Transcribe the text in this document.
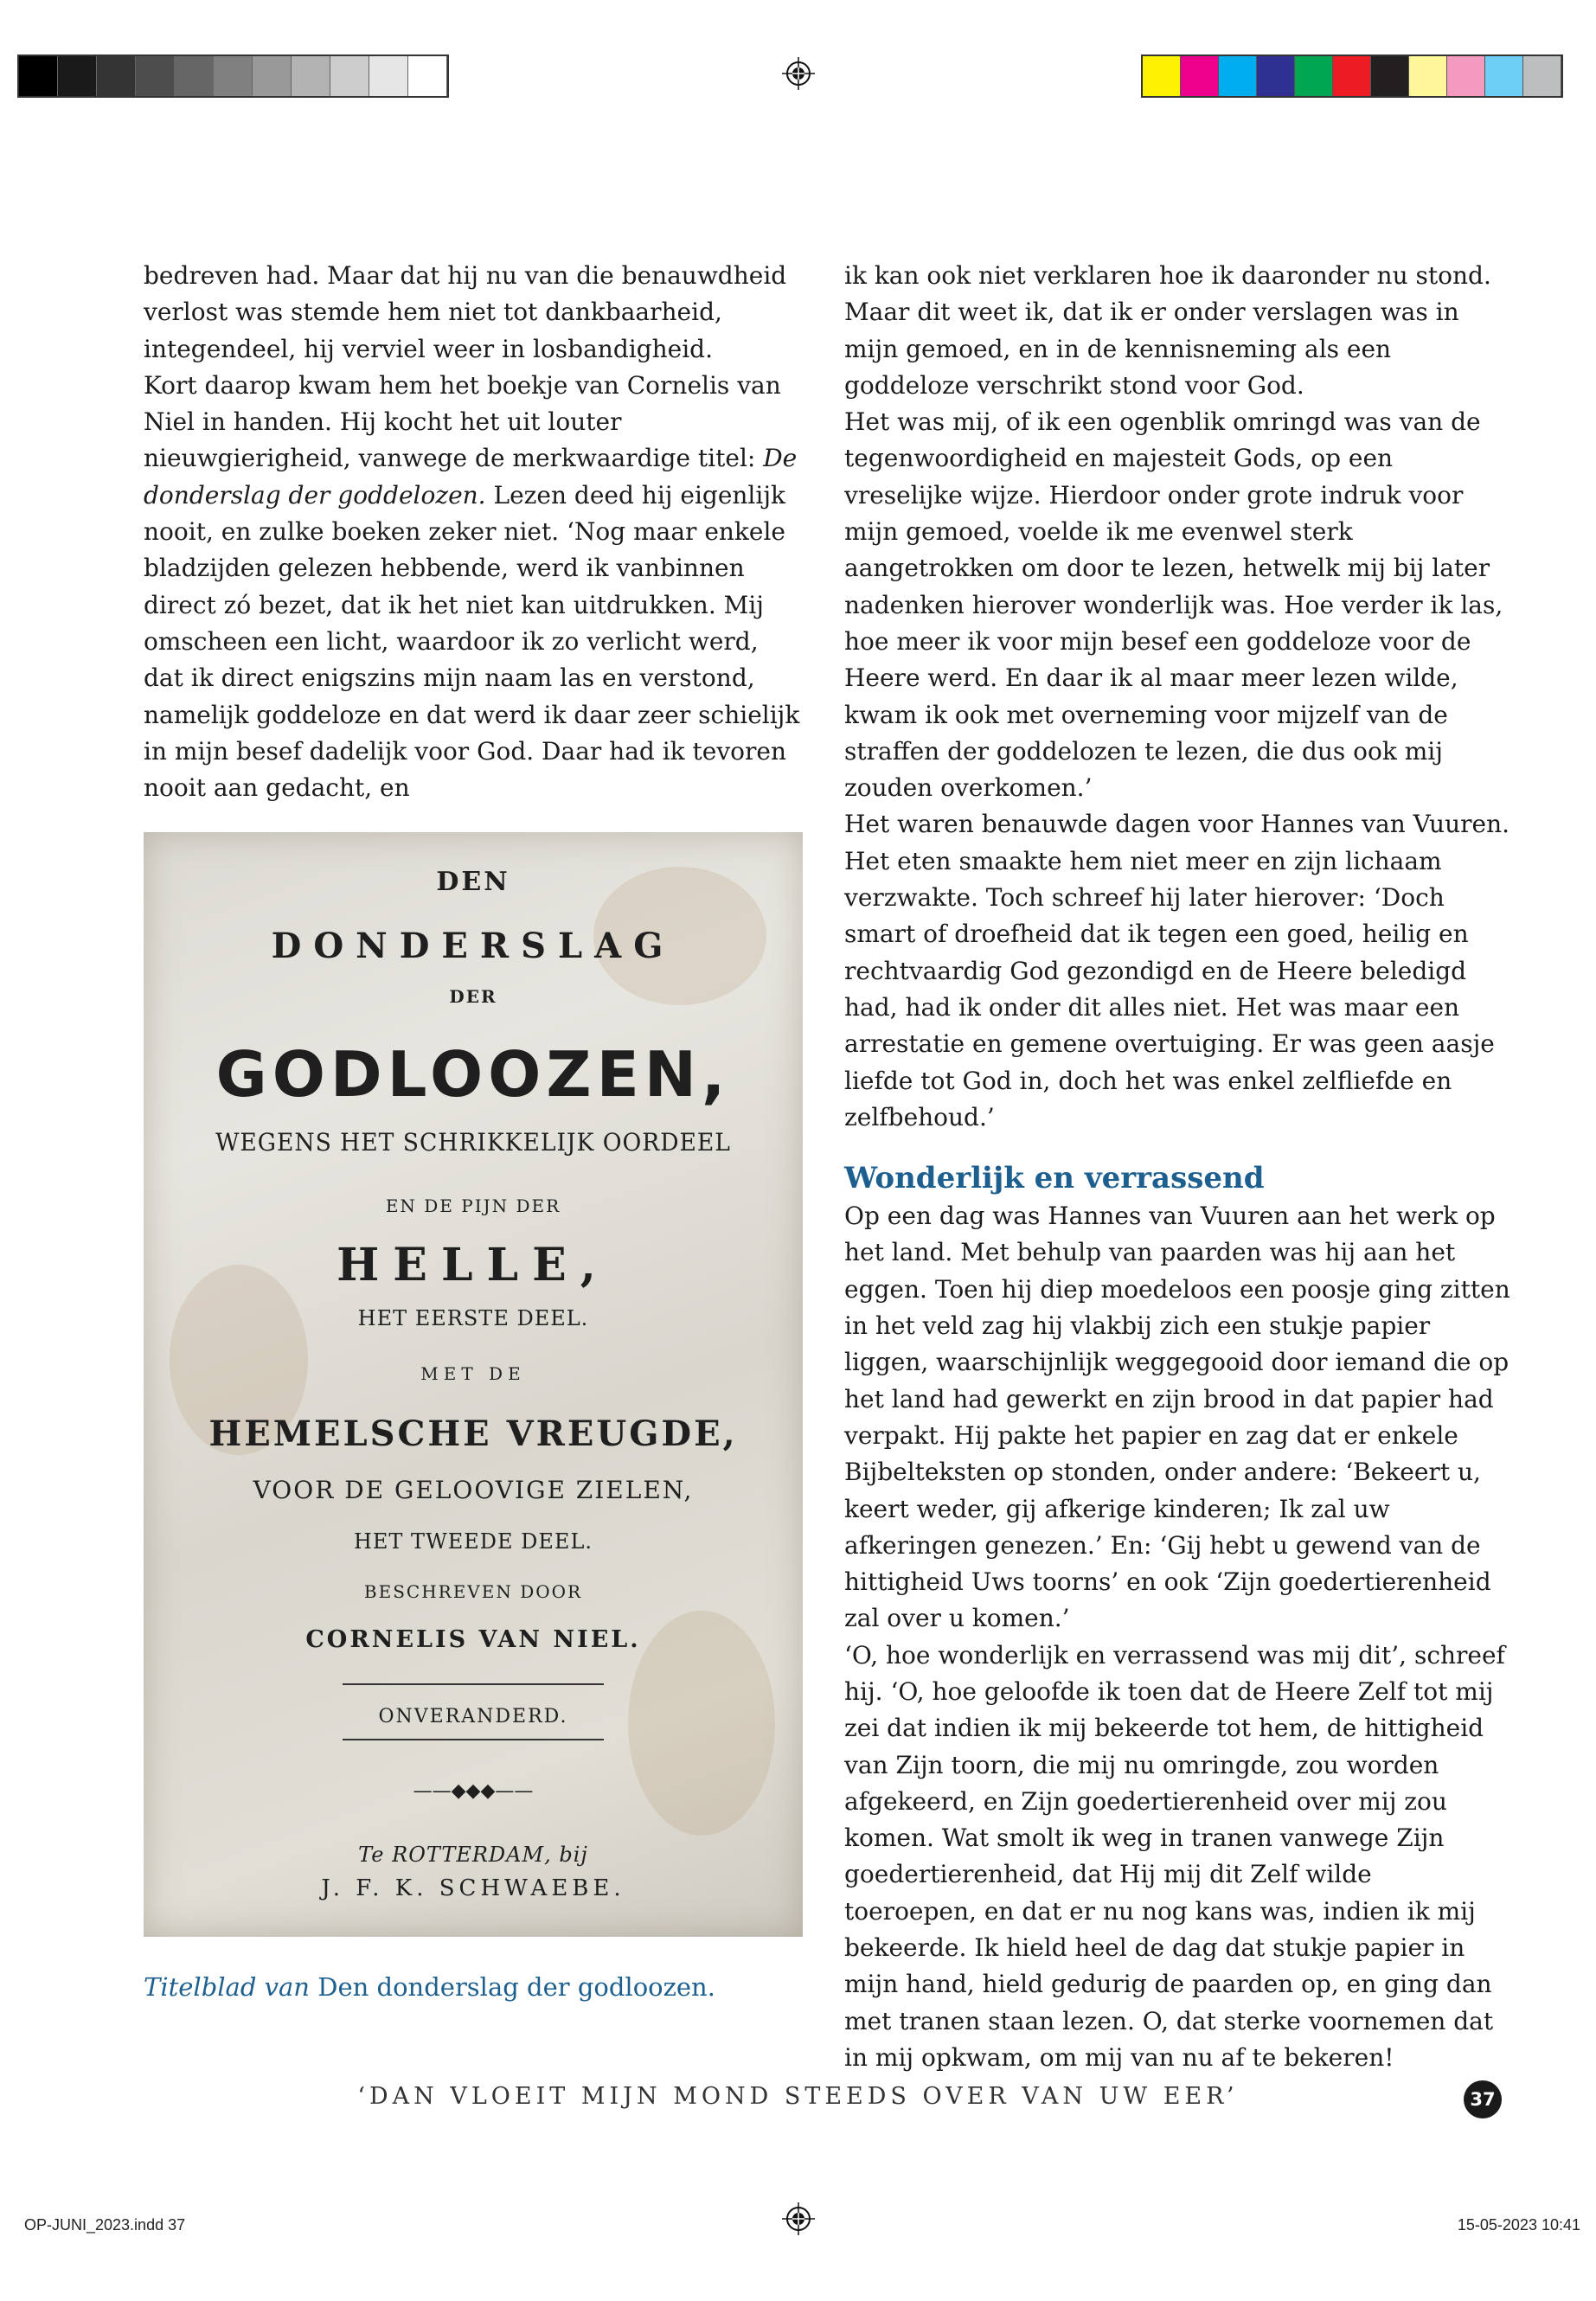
bedreven had. Maar dat hij nu van die benauwdheid verlost was stemde hem niet tot dankbaarheid, integendeel, hij verviel weer in losbandigheid.

Kort daarop kwam hem het boekje van Cornelis van Niel in handen. Hij kocht het uit louter nieuwgierigheid, vanwege de merkwaardige titel: De donderslag der goddelozen. Lezen deed hij eigenlijk nooit, en zulke boeken zeker niet. ‘Nog maar enkele bladzijden gelezen hebbende, werd ik vanbinnen direct zó bezet, dat ik het niet kan uitdrukken. Mij omscheen een licht, waardoor ik zo verlicht werd, dat ik direct enigszins mijn naam las en verstond, namelijk goddeloze en dat werd ik daar zeer schielijk in mijn besef dadelijk voor God. Daar had ik tevoren nooit aan gedacht, en

DEN
DONDERSLAG
DER
GODLOOZEN,
WEGENS HET SCHRIKKELIJK OORDEEL
EN DE PIJN DER
HELLE,
HET EERSTE DEEL.
MET DE
HEMELSCHE VREUGDE,
VOOR DE GELOOVIGE ZIELEN,
HET TWEEDE DEEL.
BESCHREVEN DOOR
CORNELIS VAN NIEL.
ONVERANDERD.
——◆◆◆——
Te ROTTERDAM, bij
J. F. K. SCHWAEBE.
Titelblad van Den donderslag der godloozen.

ik kan ook niet verklaren hoe ik daaronder nu stond. Maar dit weet ik, dat ik er onder verslagen was in mijn gemoed, en in de kennisneming als een goddeloze verschrikt stond voor God.

Het was mij, of ik een ogenblik omringd was van de tegenwoordigheid en majesteit Gods, op een vreselijke wijze. Hierdoor onder grote indruk voor mijn gemoed, voelde ik me evenwel sterk aangetrokken om door te lezen, hetwelk mij bij later nadenken hierover wonderlijk was. Hoe verder ik las, hoe meer ik voor mijn besef een goddeloze voor de Heere werd. En daar ik al maar meer lezen wilde, kwam ik ook met overneming voor mijzelf van de straffen der goddelozen te lezen, die dus ook mij zouden overkomen.’

Het waren benauwde dagen voor Hannes van Vuuren. Het eten smaakte hem niet meer en zijn lichaam verzwakte. Toch schreef hij later hierover: ‘Doch smart of droefheid dat ik tegen een goed, heilig en rechtvaardig God gezondigd en de Heere beledigd had, had ik onder dit alles niet. Het was maar een arrestatie en gemene overtuiging. Er was geen aasje liefde tot God in, doch het was enkel zelfliefde en zelfbehoud.’

Wonderlijk en verrassend

Op een dag was Hannes van Vuuren aan het werk op het land. Met behulp van paarden was hij aan het eggen. Toen hij diep moedeloos een poosje ging zitten in het veld zag hij vlakbij zich een stukje papier liggen, waarschijnlijk weggegooid door iemand die op het land had gewerkt en zijn brood in dat papier had verpakt. Hij pakte het papier en zag dat er enkele Bijbelteksten op stonden, onder andere: ‘Bekeert u, keert weder, gij afkerige kinderen; Ik zal uw afkeringen genezen.’ En: ‘Gij hebt u gewend van de hittigheid Uws toorns’ en ook ‘Zijn goedertierenheid zal over u komen.’

‘O, hoe wonderlijk en verrassend was mij dit’, schreef hij. ‘O, hoe geloofde ik toen dat de Heere Zelf tot mij zei dat indien ik mij bekeerde tot hem, de hittigheid van Zijn toorn, die mij nu omringde, zou worden afgekeerd, en Zijn goedertierenheid over mij zou komen. Wat smolt ik weg in tranen vanwege Zijn goedertierenheid, dat Hij mij dit Zelf wilde toeroepen, en dat er nu nog kans was, indien ik mij bekeerde. Ik hield heel de dag dat stukje papier in mijn hand, hield gedurig de paarden op, en ging dan met tranen staan lezen. O, dat sterke voornemen dat in mij opkwam, om mij van nu af te bekeren!

‘DAN VLOEIT MIJN MOND STEEDS OVER VAN UW EER’	37
OP-JUNI_2023.indd 37	15-05-2023 10:41
